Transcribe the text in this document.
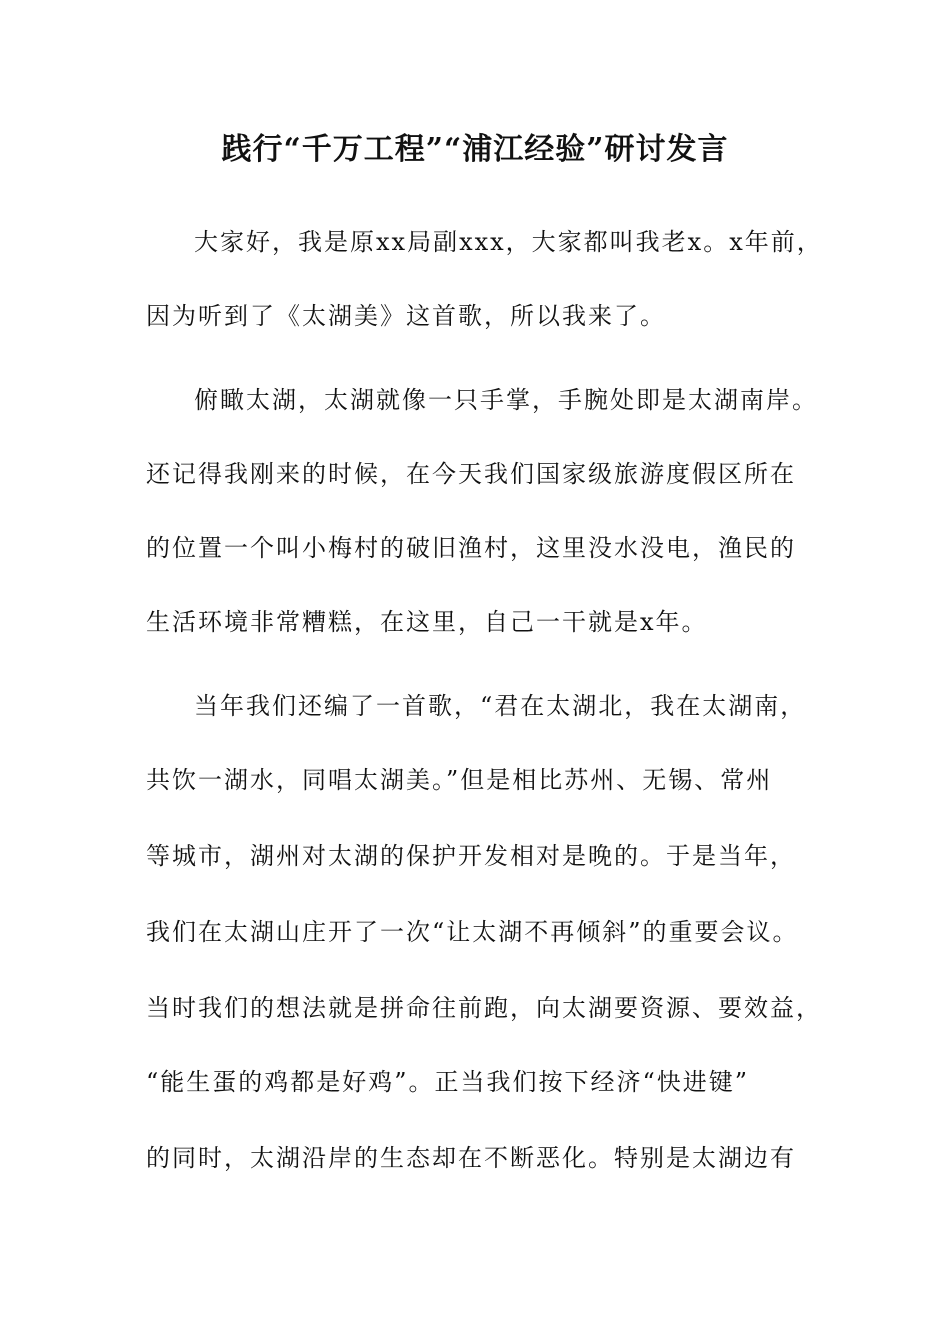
践行“千万工程”“浦江经验”研讨发言
大家好，我是原xx局副xxx，大家都叫我老x。x年前，
因为听到了《太湖美》这首歌，所以我来了。
俯瞰太湖，太湖就像一只手掌，手腕处即是太湖南岸。
还记得我刚来的时候，在今天我们国家级旅游度假区所在
的位置一个叫小梅村的破旧渔村，这里没水没电，渔民的
生活环境非常糟糕，在这里，自己一干就是x年。
当年我们还编了一首歌，“君在太湖北，我在太湖南，
共饮一湖水，同唱太湖美。”但是相比苏州、无锡、常州
等城市，湖州对太湖的保护开发相对是晚的。于是当年，
我们在太湖山庄开了一次“让太湖不再倾斜”的重要会议。
当时我们的想法就是拼命往前跑，向太湖要资源、要效益，
“能生蛋的鸡都是好鸡”。正当我们按下经济“快进键”
的同时，太湖沿岸的生态却在不断恶化。特别是太湖边有
